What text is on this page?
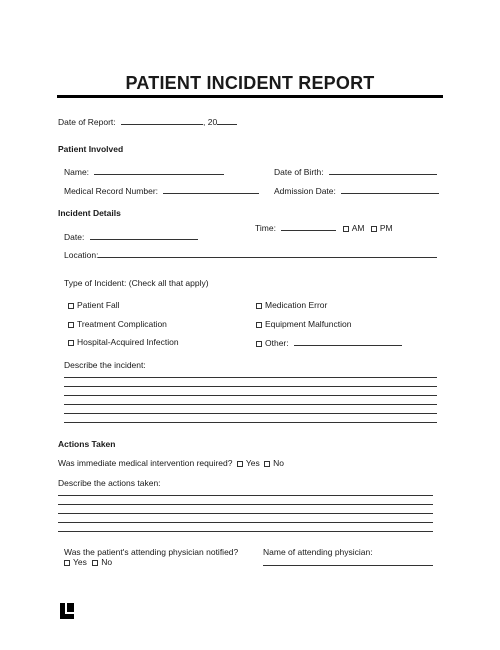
PATIENT INCIDENT REPORT
Date of Report:	, 20
Patient Involved
Name:	Date of Birth:
Medical Record Number:	Admission Date:
Incident Details
Time:	AM PM
Date:
Location:
Type of Incident: (Check all that apply)
Patient Fall	Medication Error
Treatment Complication	Equipment Malfunction
Hospital-Acquired Infection	Other:
Describe the incident:
Actions Taken
Was immediate medical intervention required? Yes No
Describe the actions taken:
Was the patient's attending physician notified?
Yes No
Name of attending physician:
